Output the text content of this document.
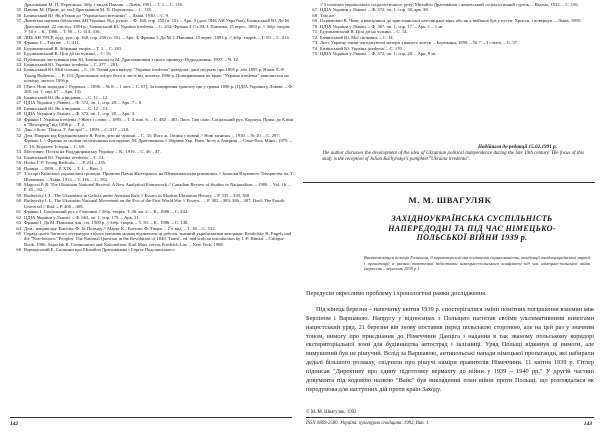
Драгоманов М. П. Переписка. Зібр. і видав Павлик. – Львів, 1901. – Т. 1. – С. 118.
35 Павлик М. [Прим. до хм.] Драгоманов М. П. Переписка. – С. 118.
36 Бачинський Ю. Як в'їзжав до "Української вітчизни". – Львів, 1930. – С. 9.
37 Львівська наукова бібліотека АН України. Від. рукоп. – Ф. 168, спр. 250 (п. 10). – Арк. 3 (далі ЛНБ АН УкраУни); Бачинський Ю. До М. Драгоманова, 22 листоп. 1894 р.; Бачинський Ю. Україна irredenta. – С. 234; Франко І. Ст. М. І. Павлика, 15 верес. 1893 р. // Зібр. творів: У 50 т. – К., 1986. – Т. 50. – С. 414, 436.
38 ЛНБ АН УРСР, відд. рук., ф. 168, спр. 250 (п. 10). – Арк. 3; Франко І. До М. І. Павлика, 15 верес. 1893 р. // Зібр. творів. – Т. 50. – С. 414.
39 Франко І. – Там же. – С. 411.
40 Будзиновський В. Зібрання творів. – Т. 1. – С. 281.
41 Будзиновський В. Цілі дії на чужині. – С. 16.
42 Публікація листування між Ю. Бачинським та М. Драгомановим з цього приводу: Відродження. 1907. – Ч. 12.
43 Бачинський Ю. Україна irredenta. – С. 277 – 281.
44 Бачинський Ю. Мій спомин. – С. 16. Точна дата виходу "Україна irredenta" невідома; дані свідчать про 1895 р. або 1895 р. Ніков Л.-Р. Young Ruthenia... – Р. 153. Драгоманов згадує його в листі від початку 1896 р. Поширювання по краю "Україна irredenta" заявляється на початку лютого 1896 р.
45 [Лист. Нові знахідки // Радикал. – 1896. – № 8. – 1 лют. – С. 67]; За поширення трактату цю у травні 1896 р. (ЦДІА України у Львові. – Ф. 205, оп. 1, спр. 67. – Арк. 13).
46 Бачинський Ю. Як я видавав... – С. 11 – 12.
47 ЦДІА України у Львові. – Ф. 372, оп. 1, спр. 28. – Арк. 7 – 8.
48 Бачинський Ю. Як я видавав... – С. 12 – 13.
49 ЦДІА України у Львові. – Ф. 372, оп. 1, спр. 28. – Арк. 3.
50 Франко І. Україна irredenta // Житє і слово. – 1895. – Т. 4, вип. 6. – С. 482 – 483; Лист. Там само. Соціальний рух. Коршун. Прим. до Kabai в "Bewegung" від 1896 р. – Т. 2.
51 Дан. з його "Поясн. У Австрії". – 1899. – С. 217 – 218.
52 Дем. Напрям від Будзиновського В. Вчіть діти на чужині. – С. 35; Його ж. Опінія з повені // Нові записки. – 1930. – № 10. – С. 297; Франко І. // Франко за своїми політичними поглядами. М. Драгоманова // Збірник Укр. Наук. Ін-ту в Америці. – Сент-Пол, Мінн., 1979. – С. 16; Коронет. Історія. – С. 68.
53 Мостович. Посты на Наддніпрянську Україну. – К., 1916. – С. 46 – 47.
54 Бачинський Ю. Україна irredenta. – С. 14.
55 Hrvka J.-P. Young Radicals... – Р. 234 – 235.
56 Правда. – 1899. – Р. XIX. – Т. 1. – Вип. 1.
57 З історії Київської української громади. Промова Павла Житецького на Шевченківськім роковинах // Записки Наукового Товариства ім. Т. Шевченка. – Львів, 1913. – Т. 116. – С. 183.
58 Magocsi P. R. The Ukrainian National Revival: A New Analytical Framework // Canadian Review of Studies in Nationalism. – 1989. – Vol. 16. – P. 45 – 62.
59 Rudnytsky I. L. The Ukrainians in Galicia under Austrian Rule // Essays in Modern Ukrainian History. – Р. 335 – 339, 368.
60 Rudnytsky I. L. The Ukrainian National Movement on the Eve of the First World War // Essays... – Р. 382 – 383, 386 – 387; Dzul. The Fourth Universal // Ibid. – Р. 406 – 408.
61 Франко І. Соціальний рух у Галичині // Зібр. творів. Т. 46. кн. 2. – К., 1986. – С. 242.
62 ЦДІА України у Львові. – Ф. 663, оп. 1, спр. 179. – Арк. 21.
63 Франко І. До М. Павлика, кін. січ. 1900 р. // Зібр. творів. – Т. 50. – К., 1986. – С. 148.
64 Дем., наприклад: Енгельс Ф. За Польщу // Маркс К., Енгельс Ф. Твори. – 2-е вид. – Т. 18. – С. 532.
65 Сервід цього багатого літератури з цього питання можна відзначити ці роботи, значний українськими авторами: Rosdolsky R. Engels und the "Non-historic" Peoples: The National Question in the Revolution of 1848. Transl., ed. and with an introduction by J.-P. Himka. – Critique Book, 1986; Szporluk R. Communism and Nationalism. Karl Marx versus Friedrich List. – New York, 1988.
66 Вернадський Е. Спомини про Михайла Драгоманова і Сергія Подолинського.
142
// З початків українського соціалістичного руху: Михайло Драгоманов і женевський соціалістичний гурток. – Віденo, 1922. – С. 156.
67 ЦДІА України у Львові. – Ф. 372, оп. 1, спр. 38, арк. 38.
68 Там же.
69 Охримович В. Чому я ввагіряюся до християнської католицької віри, або як я ввійшов був у пусти. Христи, і повернув. – Львів, 1895.
70 ЦДІА України у Львові. – Ф. 367, оп. 1, спр. 17. – Арк. 1 – 1 зв.
71 Будзиновський В. Цілі дії на чужині. – С. 14.
72 Бачинський Ю. Мої спомини. – С. 14.
73 Лист Україну-очиці-лагоджуючої матери з вашого життя. – Бережани, 1899. – № 7. – І сльоті. – С. 57.
74 Бачинський Ю. Україна irredenta. – С. 170.
75 ЦДІА України у Львові. – Ф. 372, оп. 1, спр. 28. – Арк. 8 зв.
Надійшла до редакції 15.02.1991 р.
The author discusses the development of the idea of Ukrainian political independence during the late 19th century. The focus of this study is the reception of Julian Bachynskyi's pamphlet "Ukraina irredenta".
М. М. ШВАГУЛЯК
ЗАХІДНОУКРАЇНСЬКА СУСПІЛЬНІСТЬ НАПЕРЕДОДНІ ТА ПІД ЧАС НІМЕЦЬКО-ПОЛЬСЬКОЇ ВІЙНИ 1939 р.
Висвітлюється позиція Галичини, її характерологічна політична спрямованість, тенденції західноукраїнської партії і організацій в умовах тактичної підготовки німецько-польського конфлікту під час німецько-польської війни (вересень – вересень 1939 р.).
Передусім окреслимо проблему і хронологічні рамки дослідження.
Під кінець березня – напочатку квітня 1939 р. спостерігалися зміни помітних погіршення взаємин між Берліном і Варшавою. Напругу у відносинах з Польщею нагнітав своїми ультимативними вимогами нацистський уряд. 21 березня він знову поставив перед польською стороною, але на цей раз у значним тоном, вимогу про приєднання до Німеччини Данціга і надання в так званому польському коридорі екстериторіальної зони для будівництва автострад і залізниці. Уряд Польщі відкинув ці вимоги, але вимушений був не рішучий. Вслід за Варшавою, антипольські напади німецької пропаганди, які набирали дедалі більшого розмаху, свідчили про рішучі наміри правителів Німеччини. 11 квітня 1939 р. Гітлер підписав "Директиву про єдину підготовку вермахту до війни у 1939 – 1940 рр." У другій частині документа під кодовою назвою "Вайс" був викладений план війни проти Польщі, що розглядалася як передумова для наступних дій проти країн Заходу.
© М. М. Швагуляк, 1992
ISSN 0869-2580. Україна: культурна спадщина. 1992, Вип. 1.	143
